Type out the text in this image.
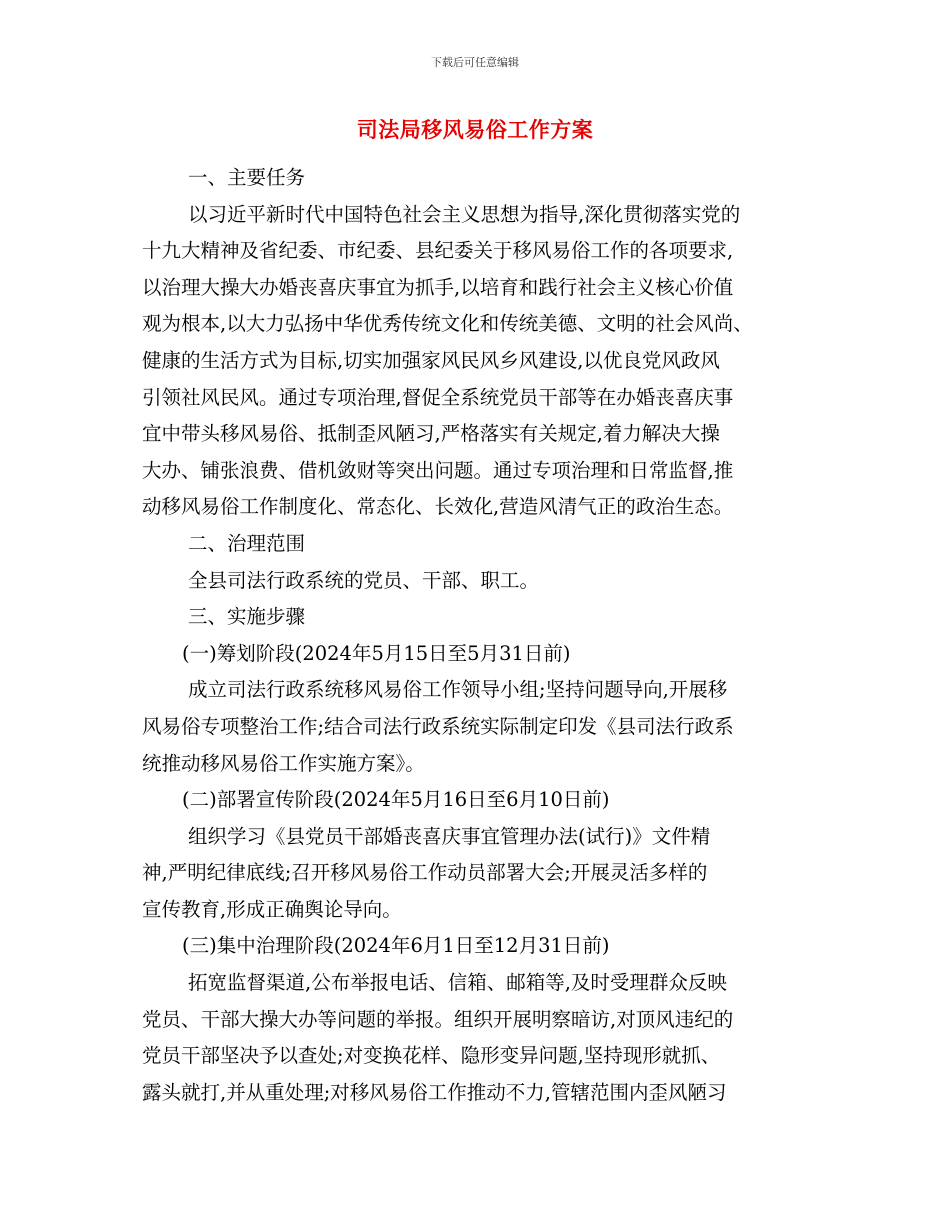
下载后可任意编辑
司法局移风易俗工作方案
一、主要任务
以习近平新时代中国特色社会主义思想为指导,深化贯彻落实党的
十九大精神及省纪委、市纪委、县纪委关于移风易俗工作的各项要求,
以治理大操大办婚丧喜庆事宜为抓手,以培育和践行社会主义核心价值
观为根本,以大力弘扬中华优秀传统文化和传统美德、文明的社会风尚、
健康的生活方式为目标,切实加强家风民风乡风建设,以优良党风政风
引领社风民风。通过专项治理,督促全系统党员干部等在办婚丧喜庆事
宜中带头移风易俗、抵制歪风陋习,严格落实有关规定,着力解决大操
大办、铺张浪费、借机敛财等突出问题。通过专项治理和日常监督,推
动移风易俗工作制度化、常态化、长效化,营造风清气正的政治生态。
二、治理范围
全县司法行政系统的党员、干部、职工。
三、实施步骤
(一)筹划阶段(2024年5月15日至5月31日前)
成立司法行政系统移风易俗工作领导小组;坚持问题导向,开展移
风易俗专项整治工作;结合司法行政系统实际制定印发《县司法行政系
统推动移风易俗工作实施方案》。
(二)部署宣传阶段(2024年5月16日至6月10日前)
组织学习《县党员干部婚丧喜庆事宜管理办法(试行)》文件精
神,严明纪律底线;召开移风易俗工作动员部署大会;开展灵活多样的
宣传教育,形成正确舆论导向。
(三)集中治理阶段(2024年6月1日至12月31日前)
拓宽监督渠道,公布举报电话、信箱、邮箱等,及时受理群众反映
党员、干部大操大办等问题的举报。组织开展明察暗访,对顶风违纪的
党员干部坚决予以查处;对变换花样、隐形变异问题,坚持现形就抓、
露头就打,并从重处理;对移风易俗工作推动不力,管辖范围内歪风陋习
